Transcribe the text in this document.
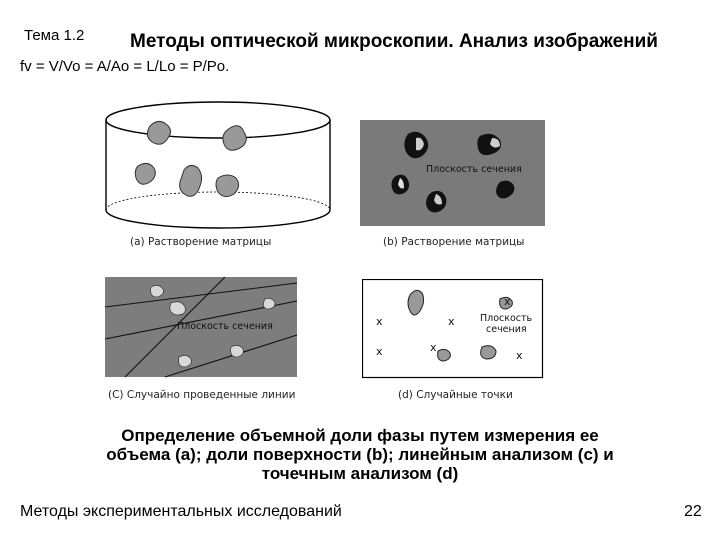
Тема 1.2 Методы оптической микроскопии. Анализ изображений
fv = V/Vo = A/Ao = L/Lo = P/Po.
(a) Растворение матрицы
Плоскость сечения
(b) Растворение матрицы
Плоскость сечения
(C) Случайно проведенные линии
x	x
x	x
x
x
Плоскость
сечения
(d) Случайные точки
Определение объемной доли фазы путем измерения ее
объема (a); доли поверхности (b); линейным анализом (c) и
точечным анализом (d)
Методы экспериментальных исследований	22
